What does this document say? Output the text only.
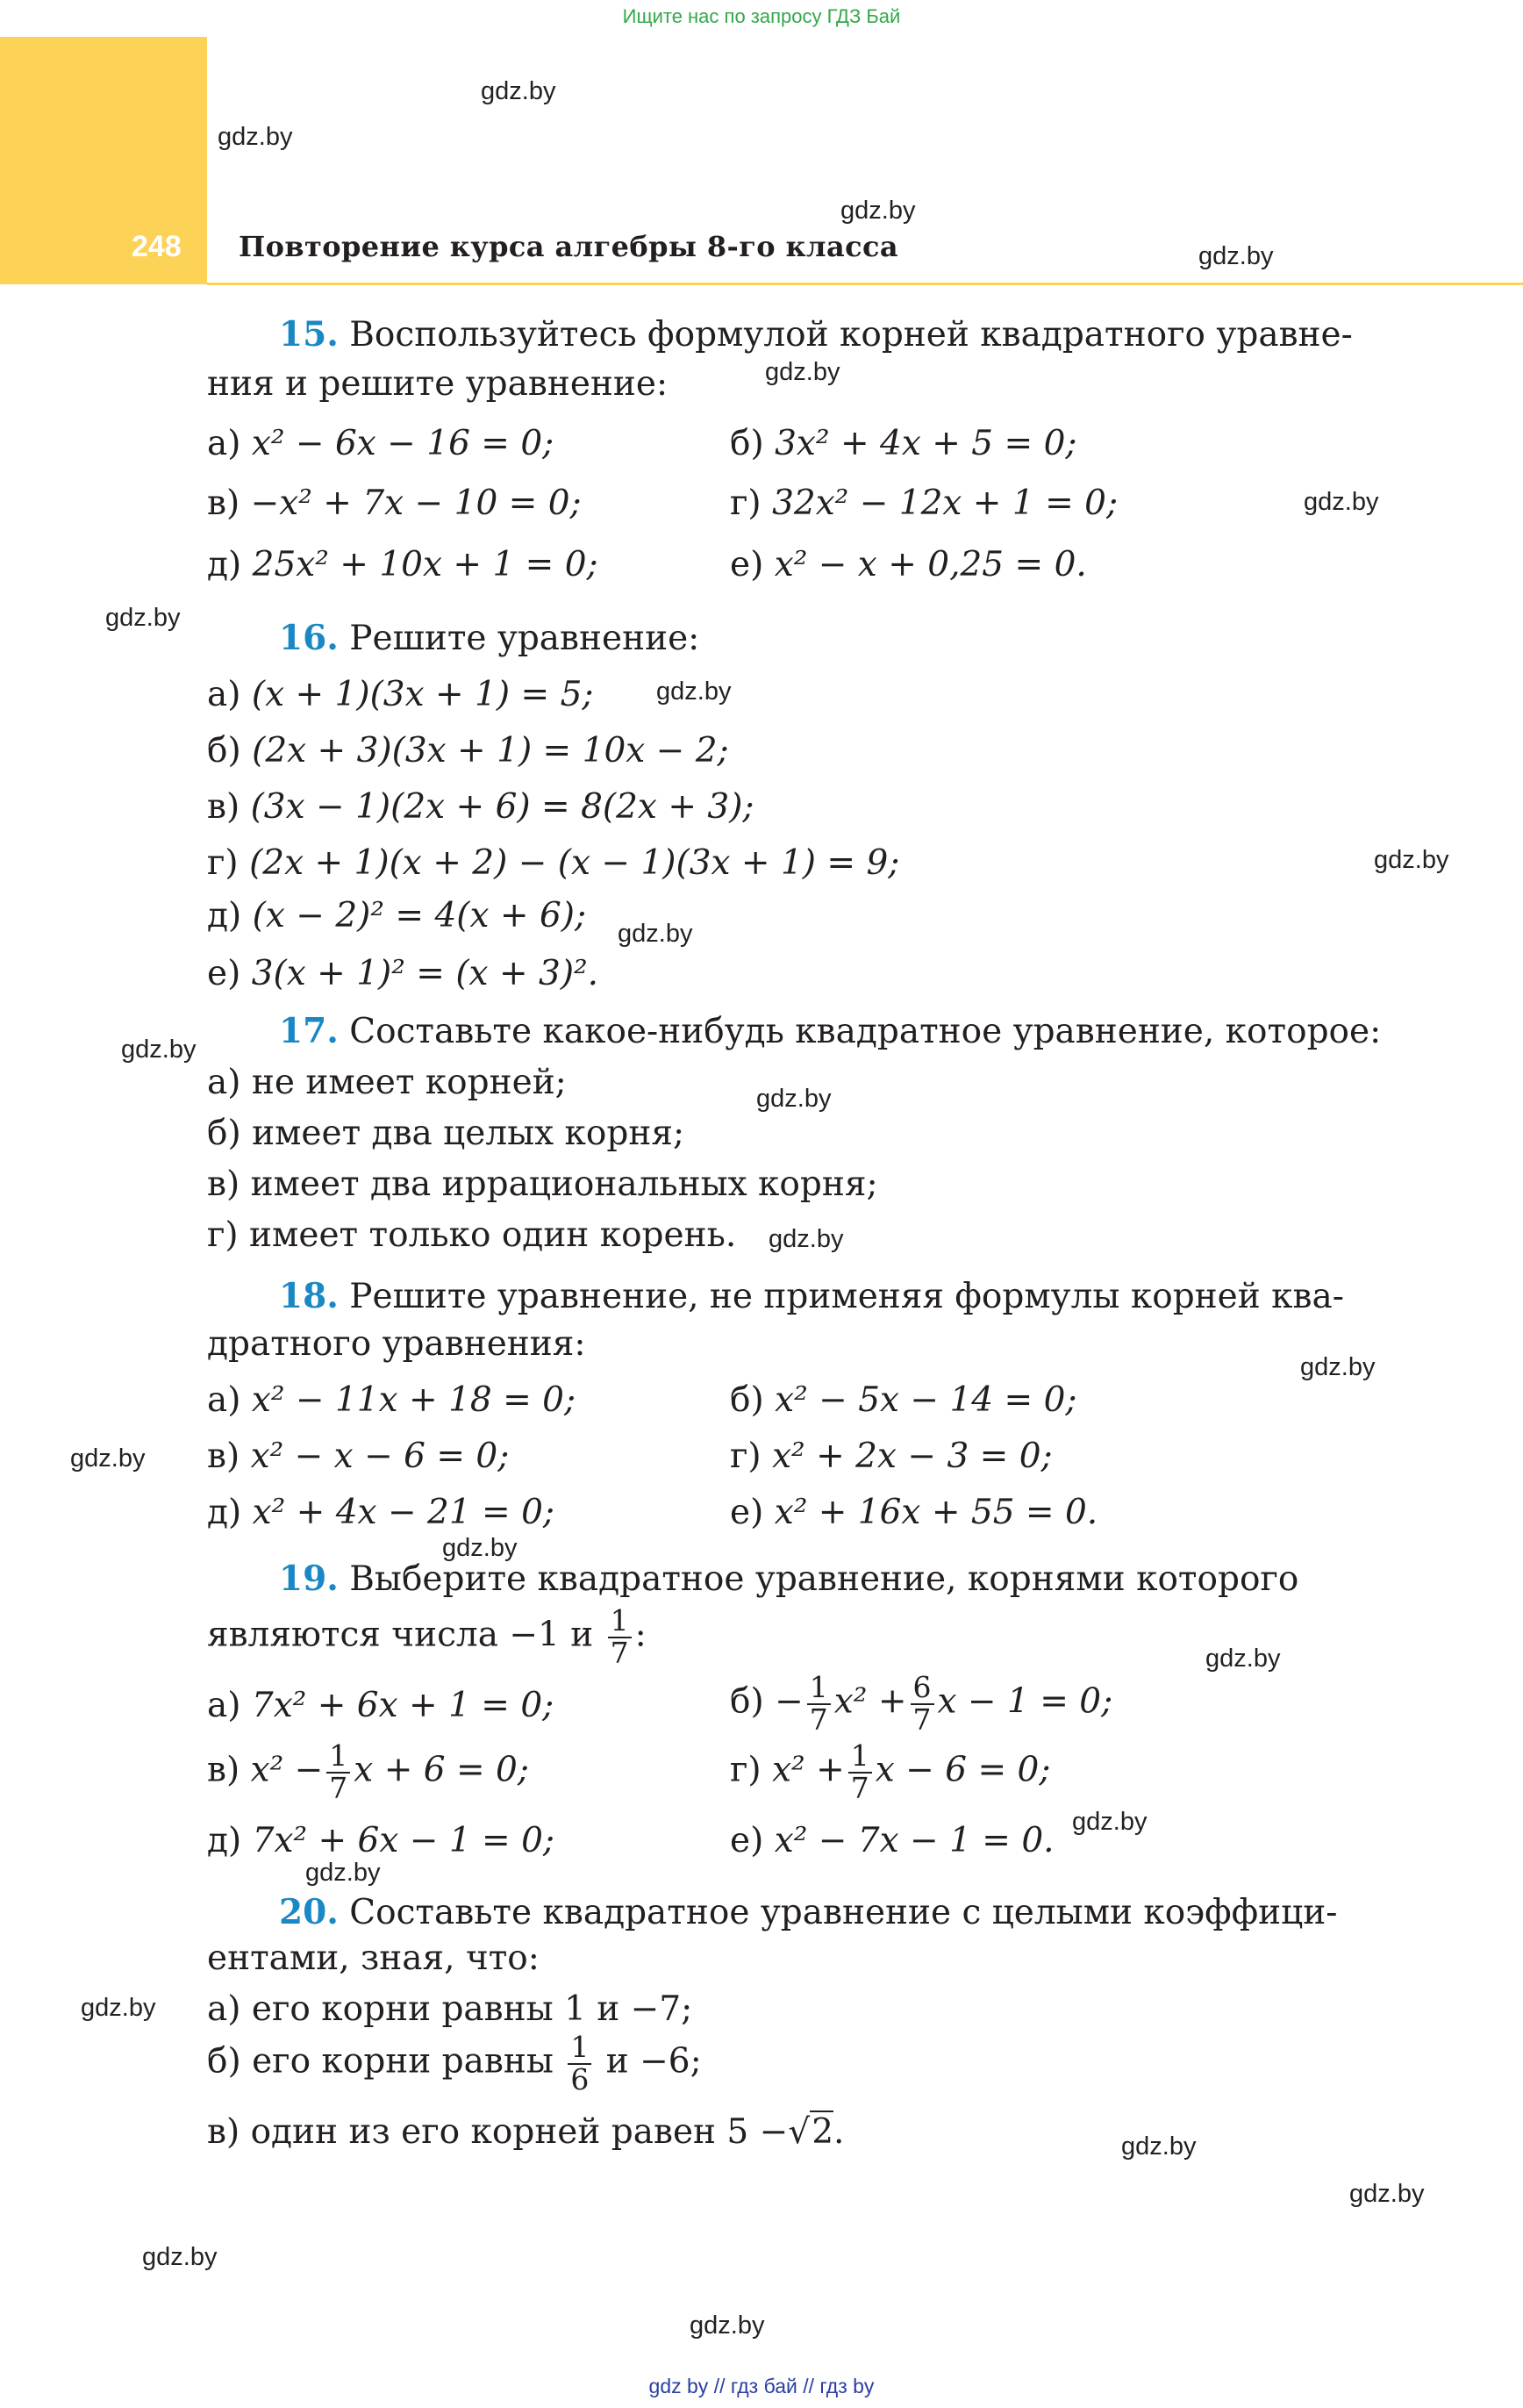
Ищите нас по запросу ГДЗ Бай
248 Повторение курса алгебры 8-го класса
gdz.by
gdz.by
gdz.by
gdz.by
gdz.by
gdz.by
gdz.by
gdz.by
gdz.by
gdz.by
gdz.by
gdz.by
gdz.by
gdz.by
gdz.by
gdz.by
gdz.by
gdz.by
gdz.by
gdz.by
gdz.by
gdz.by
gdz.by
gdz.by
15. Воспользуйтесь формулой корней квадратного уравне-
ния и решите уравнение:
а) x² − 6x − 16 = 0;	б) 3x² + 4x + 5 = 0;
в) −x² + 7x − 10 = 0;	г) 32x² − 12x + 1 = 0;
д) 25x² + 10x + 1 = 0;	е) x² − x + 0,25 = 0.
16. Решите уравнение:
а) (x + 1)(3x + 1) = 5;
б) (2x + 3)(3x + 1) = 10x − 2;
в) (3x − 1)(2x + 6) = 8(2x + 3);
г) (2x + 1)(x + 2) − (x − 1)(3x + 1) = 9;
д) (x − 2)² = 4(x + 6);
е) 3(x + 1)² = (x + 3)².
17. Составьте какое-нибудь квадратное уравнение, которое:
а) не имеет корней;
б) имеет два целых корня;
в) имеет два иррациональных корня;
г) имеет только один корень.
18. Решите уравнение, не применяя формулы корней ква-
дратного уравнения:
а) x² − 11x + 18 = 0;	б) x² − 5x − 14 = 0;
в) x² − x − 6 = 0;	г) x² + 2x − 3 = 0;
д) x² + 4x − 21 = 0;	е) x² + 16x + 55 = 0.
19. Выберите квадратное уравнение, корнями которого
являются числа −1 и $\frac{1}{7}$ :
а) 7x² + 6x + 1 = 0;	$б) - \frac{1}{7} x^2 + \frac{6}{7}$ x − 1 = 0;
в) $x^2 - \frac{1}{7}$ x + 6 = 0;	г) $x^2 + \frac{1}{7}$ x − 6 = 0;
д) 7x² + 6x − 1 = 0;	е) x² − 7x − 1 = 0.
20. Составьте квадратное уравнение с целыми коэффици-
ентами, зная, что:
а) его корни равны 1 и −7;
б) его корни равны $\frac{1}{6}$ и −6;
в) один из его корней равен 5 −√2.
gdz by // гдз бай // гдз by
